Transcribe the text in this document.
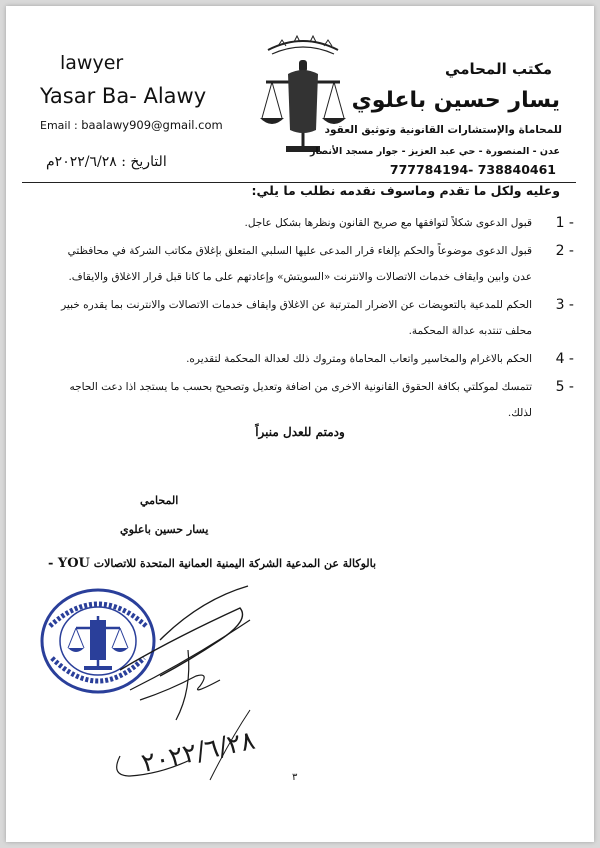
lawyer
Yasar Ba- Alawy
Email : baalawy909@gmail.com
مكتب المحامي
يسار حسين باعلوي
للمحاماة والإستشارات القانونية وتوثيق العقود
عدن - المنصورة - حي عبد العزيز - جوار مسجد الأنصار
777784194- 738840461
التاريخ : ٢٠٢٢/٦/٢٨م
وعليه ولكل ما تقدم وماسوف نقدمه نطلب ما يلي:
1 -
قبول الدعوى شكلاً لتوافقها مع صريح القانون ونظرها بشكل عاجل.
2 -
قبول الدعوى موضوعاً والحكم بإلغاء قرار المدعى عليها السلبي المتعلق بإغلاق مكاتب الشركة في محافظتي عدن وابين وايقاف خدمات الاتصالات والانترنت «السويتش» وإعادتهم على ما كانا قبل قرار الاغلاق والايقاف.
3 -
الحكم للمدعية بالتعويضات عن الاضرار المترتبة عن الاغلاق وايقاف خدمات الاتصالات والانترنت بما يقدره خبير محلف تنتدبه عدالة المحكمة.
4 -
الحكم بالاغرام والمخاسير واتعاب المحاماة ومتروك ذلك لعدالة المحكمة لتقديره.
5 -
تتمسك لموكلتي بكافة الحقوق القانونية الاخرى من اضافة وتعديل وتصحيح بحسب ما يستجد اذا دعت الحاجه لذلك.
ودمتم للعدل منبراً
المحامي
يسار حسين باعلوي
بالوكالة عن المدعية الشركة اليمنية العمانية المتحدة للاتصالات YOU -
٢٠٢٢/٦/٢٨	٣
